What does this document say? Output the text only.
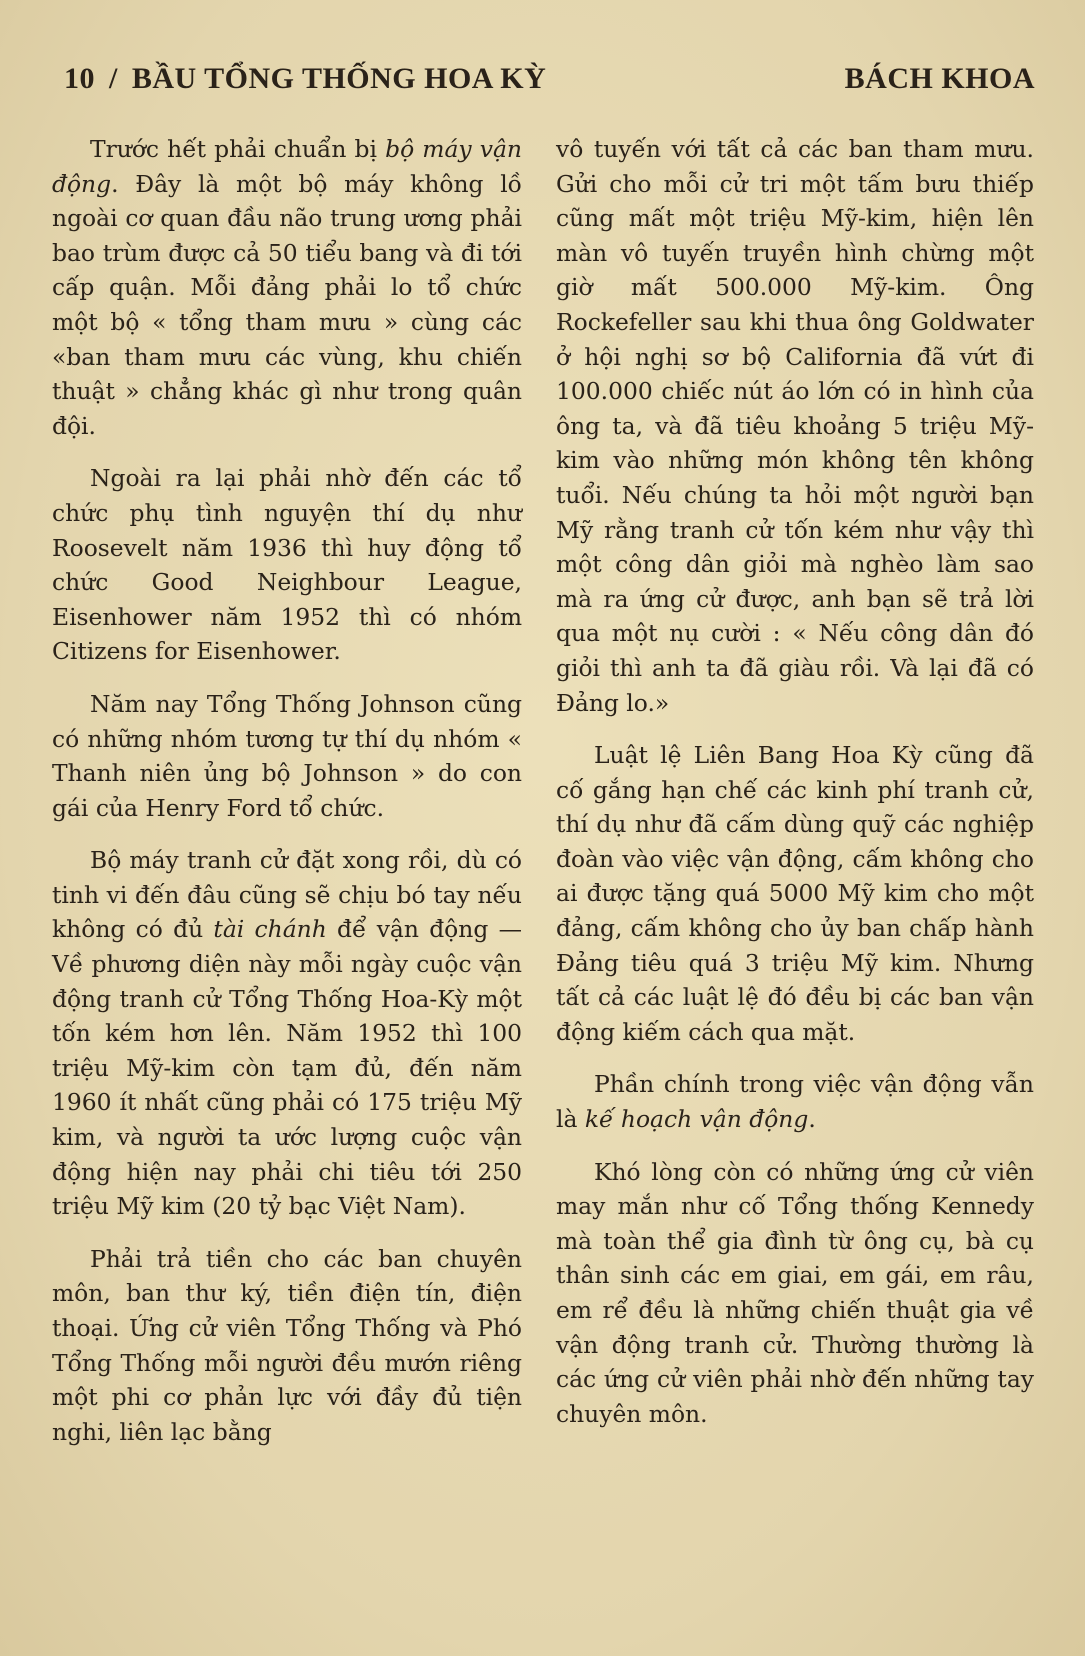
10 / BẦU TỔNG THỐNG HOA KỲ	BÁCH KHOA

Trước hết phải chuẩn bị bộ máy vận động. Đây là một bộ máy không lồ ngoài cơ quan đầu não trung ương phải bao trùm được cả 50 tiểu bang và đi tới cấp quận. Mỗi đảng phải lo tổ chức một bộ « tổng tham mưu » cùng các «ban tham mưu các vùng, khu chiến thuật » chẳng khác gì như trong quân đội.

Ngoài ra lại phải nhờ đến các tổ chức phụ tình nguyện thí dụ như Roosevelt năm 1936 thì huy động tổ chức Good Neighbour League, Eisenhower năm 1952 thì có nhóm Citizens for Eisenhower.

Năm nay Tổng Thống Johnson cũng có những nhóm tương tự thí dụ nhóm « Thanh niên ủng bộ Johnson » do con gái của Henry Ford tổ chức.

Bộ máy tranh cử đặt xong rồi, dù có tinh vi đến đâu cũng sẽ chịu bó tay nếu không có đủ tài chánh để vận động — Về phương diện này mỗi ngày cuộc vận động tranh cử Tổng Thống Hoa-Kỳ một tốn kém hơn lên. Năm 1952 thì 100 triệu Mỹ-kim còn tạm đủ, đến năm 1960 ít nhất cũng phải có 175 triệu Mỹ kim, và người ta ước lượng cuộc vận động hiện nay phải chi tiêu tới 250 triệu Mỹ kim (20 tỷ bạc Việt Nam).

Phải trả tiền cho các ban chuyên môn, ban thư ký, tiền điện tín, điện thoại. Ứng cử viên Tổng Thống và Phó Tổng Thống mỗi người đều mướn riêng một phi cơ phản lực với đầy đủ tiện nghi, liên lạc bằng

vô tuyến với tất cả các ban tham mưu. Gửi cho mỗi cử tri một tấm bưu thiếp cũng mất một triệu Mỹ-kim, hiện lên màn vô tuyến truyền hình chừng một giờ mất 500.000 Mỹ-kim. Ông Rockefeller sau khi thua ông Goldwater ở hội nghị sơ bộ California đã vứt đi 100.000 chiếc nút áo lớn có in hình của ông ta, và đã tiêu khoảng 5 triệu Mỹ-kim vào những món không tên không tuổi. Nếu chúng ta hỏi một người bạn Mỹ rằng tranh cử tốn kém như vậy thì một công dân giỏi mà nghèo làm sao mà ra ứng cử được, anh bạn sẽ trả lời qua một nụ cười : « Nếu công dân đó giỏi thì anh ta đã giàu rồi. Và lại đã có Đảng lo.»

Luật lệ Liên Bang Hoa Kỳ cũng đã cố gắng hạn chế các kinh phí tranh cử, thí dụ như đã cấm dùng quỹ các nghiệp đoàn vào việc vận động, cấm không cho ai được tặng quá 5000 Mỹ kim cho một đảng, cấm không cho ủy ban chấp hành Đảng tiêu quá 3 triệu Mỹ kim. Nhưng tất cả các luật lệ đó đều bị các ban vận động kiếm cách qua mặt.

Phần chính trong việc vận động vẫn là kế hoạch vận động.

Khó lòng còn có những ứng cử viên may mắn như cố Tổng thống Kennedy mà toàn thể gia đình từ ông cụ, bà cụ thân sinh các em giai, em gái, em râu, em rể đều là những chiến thuật gia về vận động tranh cử. Thường thường là các ứng cử viên phải nhờ đến những tay chuyên môn.
